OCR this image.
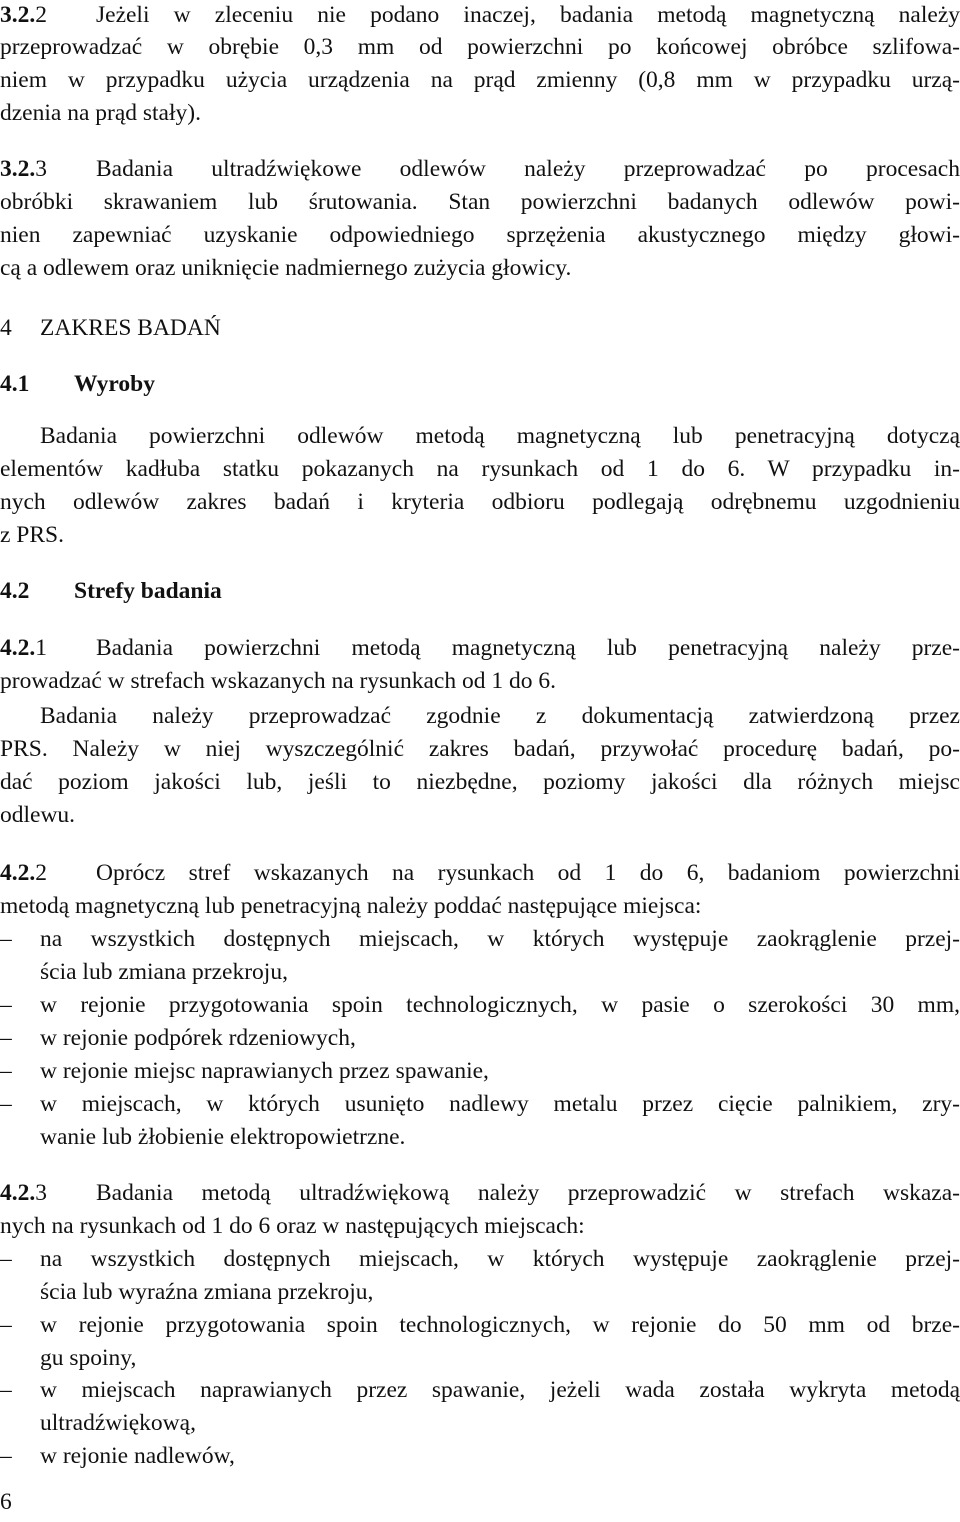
3.2.2 Jeżeli w zleceniu nie podano inaczej, badania metodą magnetyczną należy
przeprowadzać w obrębie 0,3 mm od powierzchni po końcowej obróbce szlifowa-
niem w przypadku użycia urządzenia na prąd zmienny (0,8 mm w przypadku urzą-
dzenia na prąd stały).
3.2.3 Badania ultradźwiękowe odlewów należy przeprowadzać po procesach
obróbki skrawaniem lub śrutowania. Stan powierzchni badanych odlewów powi-
nien zapewniać uzyskanie odpowiedniego sprzężenia akustycznego między głowi-
cą a odlewem oraz uniknięcie nadmiernego zużycia głowicy.
4 ZAKRES BADAŃ
4.1 Wyroby
Badania powierzchni odlewów metodą magnetyczną lub penetracyjną dotyczą
elementów kadłuba statku pokazanych na rysunkach od 1 do 6. W przypadku in-
nych odlewów zakres badań i kryteria odbioru podlegają odrębnemu uzgodnieniu
z PRS.
4.2 Strefy badania
4.2.1 Badania powierzchni metodą magnetyczną lub penetracyjną należy prze-
prowadzać w strefach wskazanych na rysunkach od 1 do 6.
Badania należy przeprowadzać zgodnie z dokumentacją zatwierdzoną przez
PRS. Należy w niej wyszczególnić zakres badań, przywołać procedurę badań, po-
dać poziom jakości lub, jeśli to niezbędne, poziomy jakości dla różnych miejsc
odlewu.
4.2.2 Oprócz stref wskazanych na rysunkach od 1 do 6, badaniom powierzchni
metodą magnetyczną lub penetracyjną należy poddać następujące miejsca:
–	na wszystkich dostępnych miejscach, w których występuje zaokrąglenie przej-
ścia lub zmiana przekroju,
–	w rejonie przygotowania spoin technologicznych, w pasie o szerokości 30 mm,
–	w rejonie podpórek rdzeniowych,
–	w rejonie miejsc naprawianych przez spawanie,
–	w miejscach, w których usunięto nadlewy metalu przez cięcie palnikiem, zry-
wanie lub żłobienie elektropowietrzne.
4.2.3 Badania metodą ultradźwiękową należy przeprowadzić w strefach wskaza-
nych na rysunkach od 1 do 6 oraz w następujących miejscach:
–	na wszystkich dostępnych miejscach, w których występuje zaokrąglenie przej-
ścia lub wyraźna zmiana przekroju,
–	w rejonie przygotowania spoin technologicznych, w rejonie do 50 mm od brze-
gu spoiny,
–	w miejscach naprawianych przez spawanie, jeżeli wada została wykryta metodą
ultradźwiękową,
–	w rejonie nadlewów,
6
